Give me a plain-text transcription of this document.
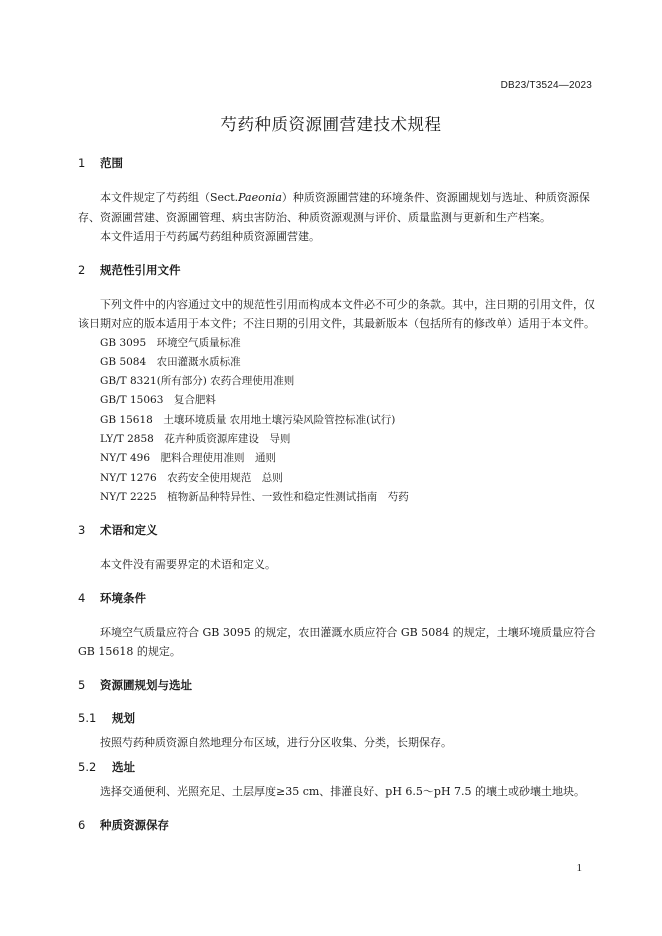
DB23/T3524—2023
芍药种质资源圃营建技术规程
1 范围

本文件规定了芍药组（Sect.Paeonia）种质资源圃营建的环境条件、资源圃规划与选址、种质资源保存、资源圃营建、资源圃管理、病虫害防治、种质资源观测与评价、质量监测与更新和生产档案。

本文件适用于芍药属芍药组种质资源圃营建。

2 规范性引用文件

下列文件中的内容通过文中的规范性引用而构成本文件必不可少的条款。其中，注日期的引用文件，仅该日期对应的版本适用于本文件；不注日期的引用文件，其最新版本（包括所有的修改单）适用于本文件。

GB 3095　环境空气质量标准
GB 5084　农田灌溉水质标准
GB/T 8321(所有部分) 农药合理使用准则
GB/T 15063　复合肥料
GB 15618　土壤环境质量 农用地土壤污染风险管控标准(试行)
LY/T 2858　花卉种质资源库建设　导则
NY/T 496　肥料合理使用准则　通则
NY/T 1276　农药安全使用规范　总则
NY/T 2225　植物新品种特异性、一致性和稳定性测试指南　芍药
3 术语和定义

本文件没有需要界定的术语和定义。

4 环境条件

环境空气质量应符合 GB 3095 的规定，农田灌溉水质应符合 GB 5084 的规定，土壤环境质量应符合 GB 15618 的规定。

5 资源圃规划与选址
5.1 规划

按照芍药种质资源自然地理分布区域，进行分区收集、分类，长期保存。

5.2 选址

选择交通便利、光照充足、土层厚度≥35 cm、排灌良好、pH 6.5～pH 7.5 的壤土或砂壤土地块。

6 种质资源保存
1
